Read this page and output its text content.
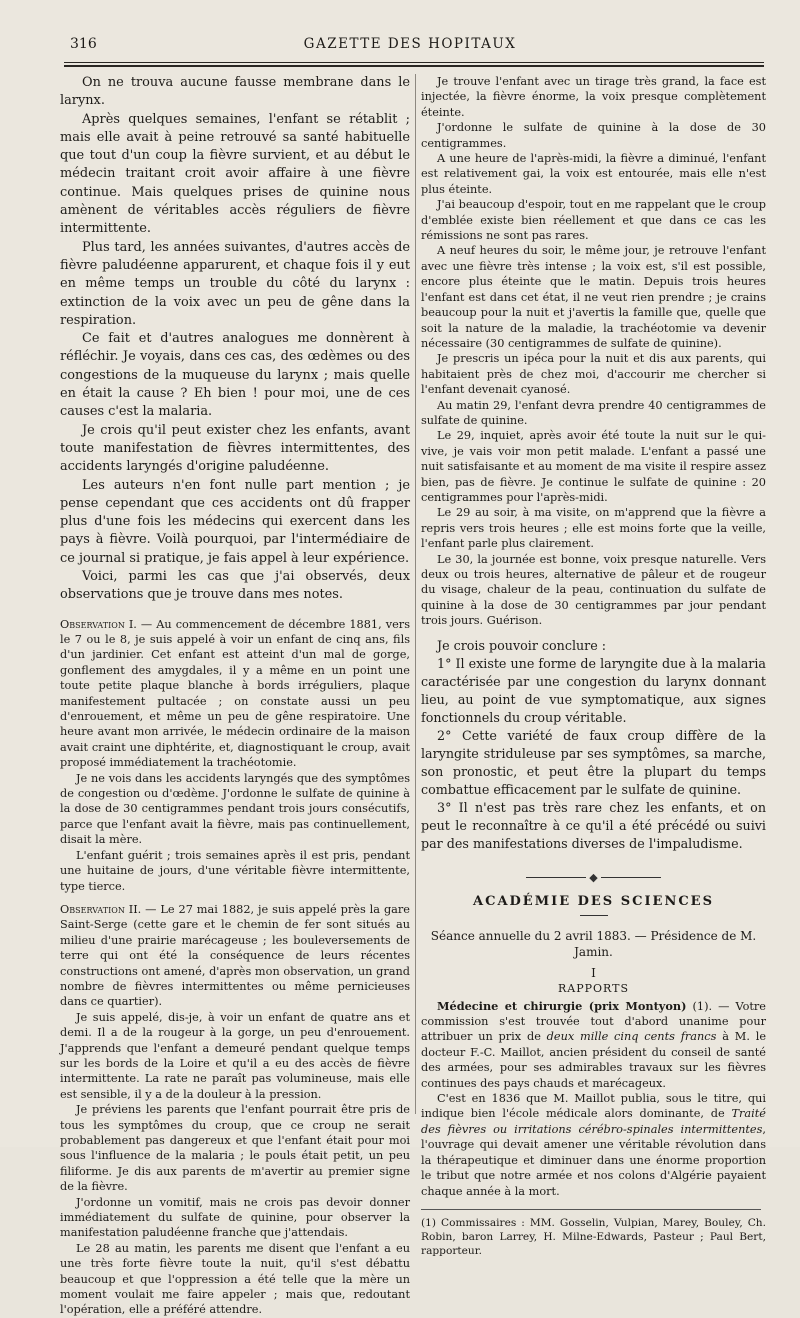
316	GAZETTE DES HOPITAUX

On ne trouva aucune fausse membrane dans le larynx.

Après quelques semaines, l'enfant se rétablit ; mais elle avait à peine retrouvé sa santé habituelle que tout d'un coup la fièvre survient, et au début le médecin traitant croit avoir affaire à une fièvre continue. Mais quelques prises de quinine nous amènent de véritables accès réguliers de fièvre intermittente.

Plus tard, les années suivantes, d'autres accès de fièvre paludéenne apparurent, et chaque fois il y eut en même temps un trouble du côté du larynx : extinction de la voix avec un peu de gêne dans la respiration.

Ce fait et d'autres analogues me donnèrent à réfléchir. Je voyais, dans ces cas, des œdèmes ou des congestions de la muqueuse du larynx ; mais quelle en était la cause ? Eh bien ! pour moi, une de ces causes c'est la malaria.

Je crois qu'il peut exister chez les enfants, avant toute manifestation de fièvres intermittentes, des accidents laryngés d'origine paludéenne.

Les auteurs n'en font nulle part mention ; je pense cependant que ces accidents ont dû frapper plus d'une fois les médecins qui exercent dans les pays à fièvre. Voilà pourquoi, par l'intermédiaire de ce journal si pratique, je fais appel à leur expérience.

Voici, parmi les cas que j'ai observés, deux observations que je trouve dans mes notes.

Observation I. — Au commencement de décembre 1881, vers le 7 ou le 8, je suis appelé à voir un enfant de cinq ans, fils d'un jardinier. Cet enfant est atteint d'un mal de gorge, gonflement des amygdales, il y a même en un point une toute petite plaque blanche à bords irréguliers, plaque manifestement pultacée ; on constate aussi un peu d'enrouement, et même un peu de gêne respiratoire. Une heure avant mon arrivée, le médecin ordinaire de la maison avait craint une diphtérite, et, diagnostiquant le croup, avait proposé immédiatement la trachéotomie.

Je ne vois dans les accidents laryngés que des symptômes de congestion ou d'œdème. J'ordonne le sulfate de quinine à la dose de 30 centigrammes pendant trois jours consécutifs, parce que l'enfant avait la fièvre, mais pas continuellement, disait la mère.

L'enfant guérit ; trois semaines après il est pris, pendant une huitaine de jours, d'une véritable fièvre intermittente, type tierce.

Observation II. — Le 27 mai 1882, je suis appelé près la gare Saint-Serge (cette gare et le chemin de fer sont situés au milieu d'une prairie marécageuse ; les bouleversements de terre qui ont été la conséquence de leurs récentes constructions ont amené, d'après mon observation, un grand nombre de fièvres intermittentes ou même pernicieuses dans ce quartier).

Je suis appelé, dis-je, à voir un enfant de quatre ans et demi. Il a de la rougeur à la gorge, un peu d'enrouement. J'apprends que l'enfant a demeuré pendant quelque temps sur les bords de la Loire et qu'il a eu des accès de fièvre intermittente. La rate ne paraît pas volumineuse, mais elle est sensible, il y a de la douleur à la pression.

Je préviens les parents que l'enfant pourrait être pris de tous les symptômes du croup, que ce croup ne serait probablement pas dangereux et que l'enfant était pour moi sous l'influence de la malaria ; le pouls était petit, un peu filiforme. Je dis aux parents de m'avertir au premier signe de la fièvre.

J'ordonne un vomitif, mais ne crois pas devoir donner immédiatement du sulfate de quinine, pour observer la manifestation paludéenne franche que j'attendais.

Le 28 au matin, les parents me disent que l'enfant a eu une très forte fièvre toute la nuit, qu'il s'est débattu beaucoup et que l'oppression a été telle que la mère un moment voulait me faire appeler ; mais que, redoutant l'opération, elle a préféré attendre.

Je trouve l'enfant avec un tirage très grand, la face est injectée, la fièvre énorme, la voix presque complètement éteinte.

J'ordonne le sulfate de quinine à la dose de 30 centigrammes.

A une heure de l'après-midi, la fièvre a diminué, l'enfant est relativement gai, la voix est entourée, mais elle n'est plus éteinte.

J'ai beaucoup d'espoir, tout en me rappelant que le croup d'emblée existe bien réellement et que dans ce cas les rémissions ne sont pas rares.

A neuf heures du soir, le même jour, je retrouve l'enfant avec une fièvre très intense ; la voix est, s'il est possible, encore plus éteinte que le matin. Depuis trois heures l'enfant est dans cet état, il ne veut rien prendre ; je crains beaucoup pour la nuit et j'avertis la famille que, quelle que soit la nature de la maladie, la trachéotomie va devenir nécessaire (30 centigrammes de sulfate de quinine).

Je prescris un ipéca pour la nuit et dis aux parents, qui habitaient près de chez moi, d'accourir me chercher si l'enfant devenait cyanosé.

Au matin 29, l'enfant devra prendre 40 centigrammes de sulfate de quinine.

Le 29, inquiet, après avoir été toute la nuit sur le qui-vive, je vais voir mon petit malade. L'enfant a passé une nuit satisfaisante et au moment de ma visite il respire assez bien, pas de fièvre. Je continue le sulfate de quinine : 20 centigrammes pour l'après-midi.

Le 29 au soir, à ma visite, on m'apprend que la fièvre a repris vers trois heures ; elle est moins forte que la veille, l'enfant parle plus clairement.

Le 30, la journée est bonne, voix presque naturelle. Vers deux ou trois heures, alternative de pâleur et de rougeur du visage, chaleur de la peau, continuation du sulfate de quinine à la dose de 30 centigrammes par jour pendant trois jours. Guérison.

Je crois pouvoir conclure :

1° Il existe une forme de laryngite due à la malaria caractérisée par une congestion du larynx donnant lieu, au point de vue symptomatique, aux signes fonctionnels du croup véritable.

2° Cette variété de faux croup diffère de la laryngite striduleuse par ses symptômes, sa marche, son pronostic, et peut être la plupart du temps combattue efficacement par le sulfate de quinine.

3° Il n'est pas très rare chez les enfants, et on peut le reconnaître à ce qu'il a été précédé ou suivi par des manifestations diverses de l'impaludisme.

◆
ACADÉMIE DES SCIENCES
Séance annuelle du 2 avril 1883. — Présidence de M. Jamin.
I
RAPPORTS

Médecine et chirurgie (prix Montyon) (1). — Votre commission s'est trouvée tout d'abord unanime pour attribuer un prix de deux mille cinq cents francs à M. le docteur F.-C. Maillot, ancien président du conseil de santé des armées, pour ses admirables travaux sur les fièvres continues des pays chauds et marécageux.

C'est en 1836 que M. Maillot publia, sous le titre, qui indique bien l'école médicale alors dominante, de Traité des fièvres ou irritations cérébro-spinales intermittentes, l'ouvrage qui devait amener une véritable révolution dans la thérapeutique et diminuer dans une énorme proportion le tribut que notre armée et nos colons d'Algérie payaient chaque année à la mort.

(1) Commissaires : MM. Gosselin, Vulpian, Marey, Bouley, Ch. Robin, baron Larrey, H. Milne-Edwards, Pasteur ; Paul Bert, rapporteur.
